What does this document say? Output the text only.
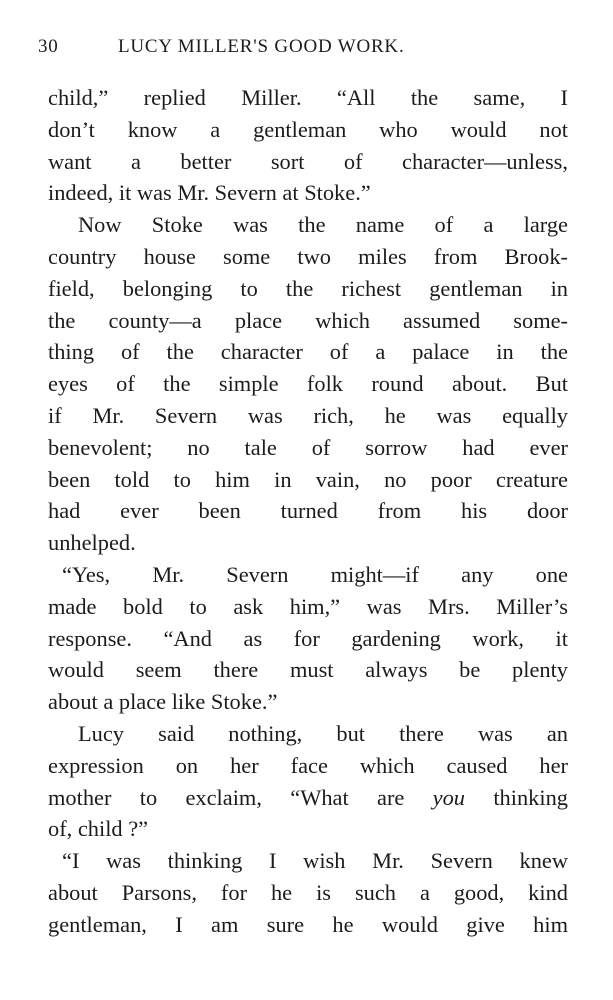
30	LUCY MILLER'S GOOD WORK.
child,” replied Miller. “All the same, I
don’t know a gentleman who would not
want a better sort of character—unless,
indeed, it was Mr. Severn at Stoke.”
Now Stoke was the name of a large
country house some two miles from Brook-
field, belonging to the richest gentleman in
the county—a place which assumed some-
thing of the character of a palace in the
eyes of the simple folk round about. But
if Mr. Severn was rich, he was equally
benevolent; no tale of sorrow had ever
been told to him in vain, no poor creature
had ever been turned from his door
unhelped.
“Yes, Mr. Severn might—if any one
made bold to ask him,” was Mrs. Miller’s
response. “And as for gardening work, it
would seem there must always be plenty
about a place like Stoke.”
Lucy said nothing, but there was an
expression on her face which caused her
mother to exclaim, “What are you thinking
of, child ?”
“I was thinking I wish Mr. Severn knew
about Parsons, for he is such a good, kind
gentleman, I am sure he would give him
